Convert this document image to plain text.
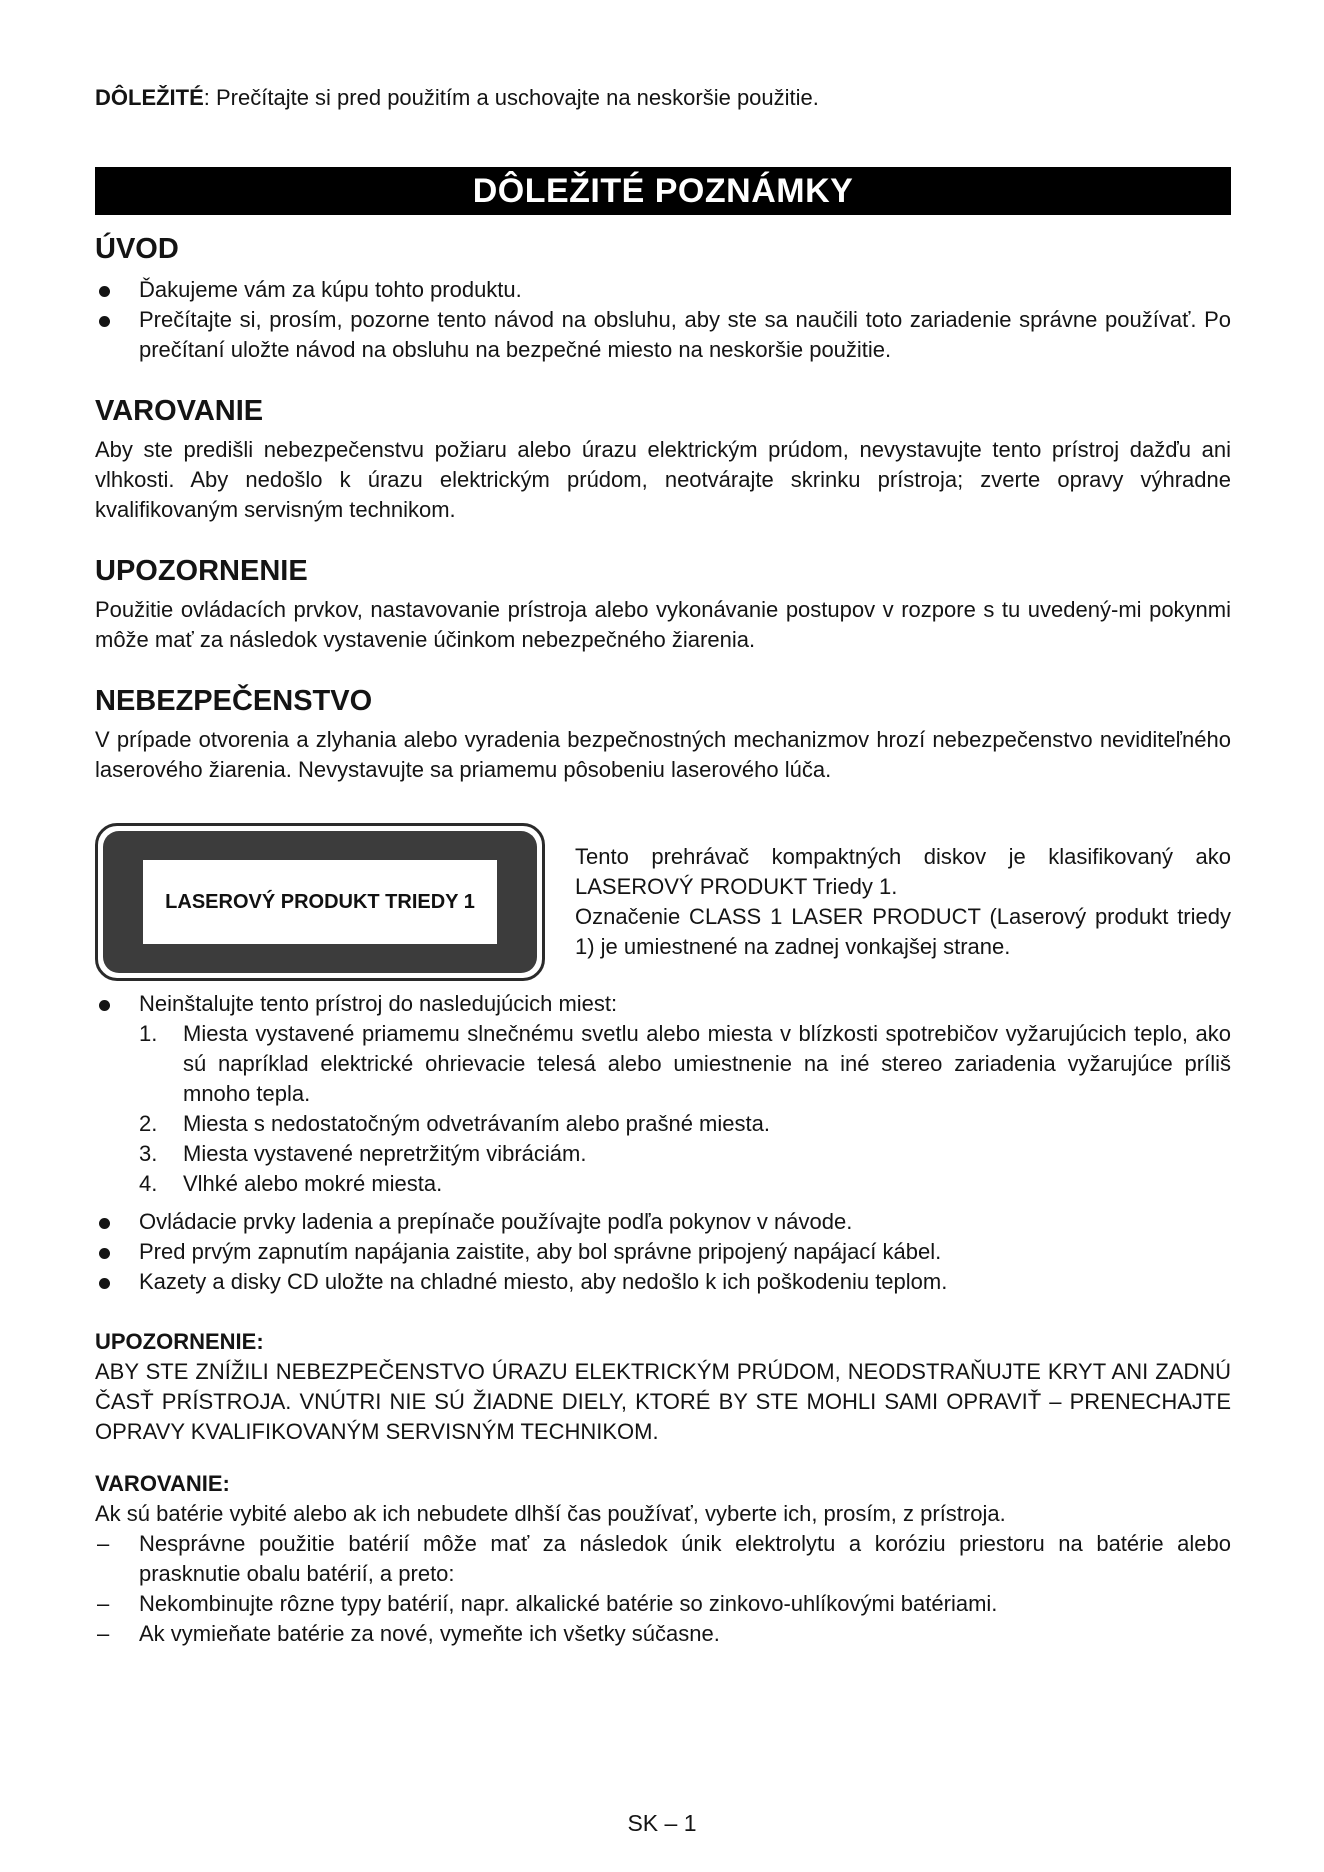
DÔLEŽITÉ: Prečítajte si pred použitím a uschovajte na neskoršie použitie.
DÔLEŽITÉ POZNÁMKY
ÚVOD
Ďakujeme vám za kúpu tohto produktu.
Prečítajte si, prosím, pozorne tento návod na obsluhu, aby ste sa naučili toto zariadenie správne používať. Po prečítaní uložte návod na obsluhu na bezpečné miesto na neskoršie použitie.
VAROVANIE

Aby ste predišli nebezpečenstvu požiaru alebo úrazu elektrickým prúdom, nevystavujte tento prístroj dažďu ani vlhkosti. Aby nedošlo k úrazu elektrickým prúdom, neotvárajte skrinku prístroja; zverte opravy výhradne kvalifikovaným servisným technikom.

UPOZORNENIE

Použitie ovládacích prvkov, nastavovanie prístroja alebo vykonávanie postupov v rozpore s tu uvedený-mi pokynmi môže mať za následok vystavenie účinkom nebezpečného žiarenia.

NEBEZPEČENSTVO

V prípade otvorenia a zlyhania alebo vyradenia bezpečnostných mechanizmov hrozí nebezpečenstvo neviditeľného laserového žiarenia. Nevystavujte sa priamemu pôsobeniu laserového lúča.

LASEROVÝ PRODUKT TRIEDY 1

Tento prehrávač kompaktných diskov je klasifikovaný ako LASEROVÝ PRODUKT Triedy 1.

Označenie CLASS 1 LASER PRODUCT (Laserový produkt triedy 1) je umiestnené na zadnej vonkajšej strane.

Neinštalujte tento prístroj do nasledujúcich miest:
1. Miesta vystavené priamemu slnečnému svetlu alebo miesta v blízkosti spotrebičov vyžarujúcich teplo, ako sú napríklad elektrické ohrievacie telesá alebo umiestnenie na iné stereo zariadenia vyžarujúce príliš mnoho tepla.
2. Miesta s nedostatočným odvetrávaním alebo prašné miesta.
3. Miesta vystavené nepretržitým vibráciám.
4. Vlhké alebo mokré miesta.
Ovládacie prvky ladenia a prepínače používajte podľa pokynov v návode.
Pred prvým zapnutím napájania zaistite, aby bol správne pripojený napájací kábel.
Kazety a disky CD uložte na chladné miesto, aby nedošlo k ich poškodeniu teplom.
UPOZORNENIE:
ABY STE ZNÍŽILI NEBEZPEČENSTVO ÚRAZU ELEKTRICKÝM PRÚDOM, NEODSTRAŇUJTE KRYT ANI ZADNÚ ČASŤ PRÍSTROJA. VNÚTRI NIE SÚ ŽIADNE DIELY, KTORÉ BY STE MOHLI SAMI OPRAVIŤ – PRENECHAJTE OPRAVY KVALIFIKOVANÝM SERVISNÝM TECHNIKOM.
VAROVANIE:
Ak sú batérie vybité alebo ak ich nebudete dlhší čas používať, vyberte ich, prosím, z prístroja.
– Nesprávne použitie batérií môže mať za následok únik elektrolytu a koróziu priestoru na batérie alebo prasknutie obalu batérií, a preto:
– Nekombinujte rôzne typy batérií, napr. alkalické batérie so zinkovo-uhlíkovými batériami.
– Ak vymieňate batérie za nové, vymeňte ich všetky súčasne.
SK – 1
